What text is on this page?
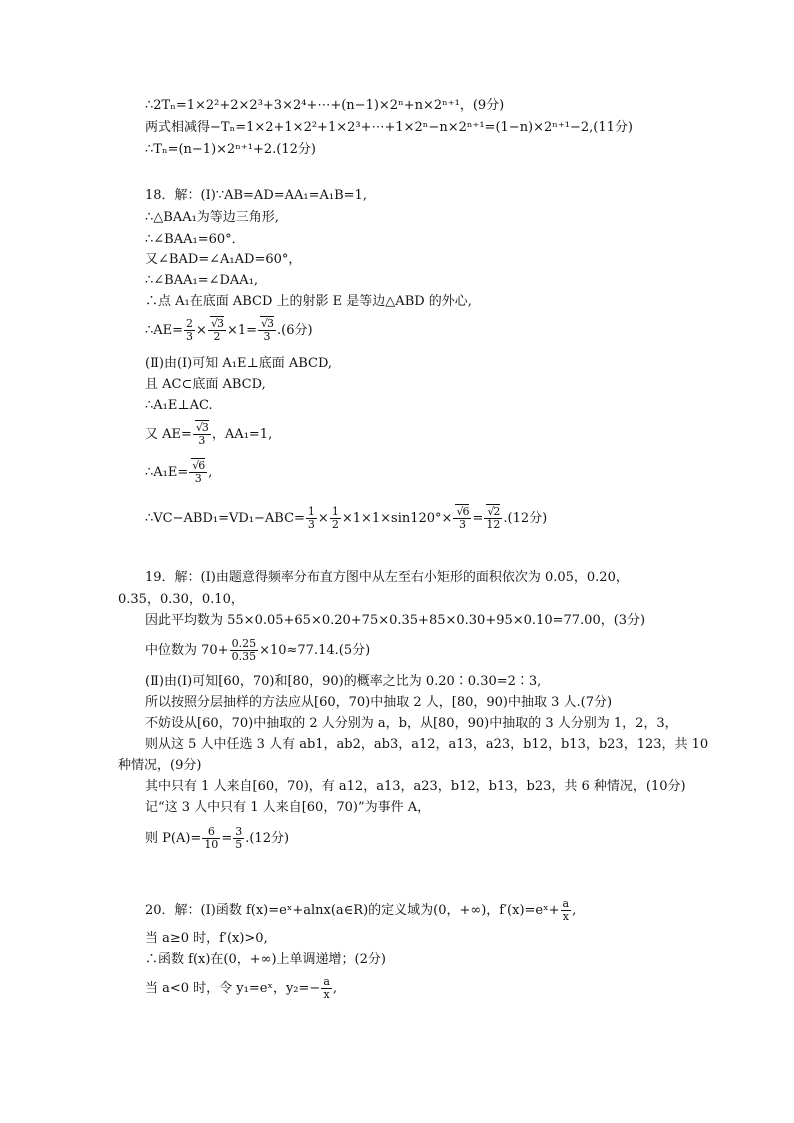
∴2Tₙ=1×2²+2×2³+3×2⁴+⋯+(n−1)×2ⁿ+n×2ⁿ⁺¹，(9分)
两式相减得−Tₙ=1×2+1×2²+1×2³+⋯+1×2ⁿ−n×2ⁿ⁺¹=(1−n)×2ⁿ⁺¹−2,(11分)
∴Tₙ=(n−1)×2ⁿ⁺¹+2.(12分)
18．解：(Ⅰ)∵AB=AD=AA₁=A₁B=1,
∴△BAA₁为等边三角形,
∴∠BAA₁=60°．
又∠BAD=∠A₁AD=60°，
∴∠BAA₁=∠DAA₁,
∴点 A₁在底面 ABCD 上的射影 E 是等边△ABD 的外心,
∴AE= $\frac{2}{3}$ × √ $\frac{3}{2} \times 1=$ √ $\frac{3}{3} .(6$分)
(Ⅱ)由(Ⅰ)可知 A₁E⊥底面 ABCD,
且 AC⊂底面 ABCD,
∴A₁E⊥AC.
又 AE= √ $\frac{3}{3}$ ，AA₁=1,
∴A₁E= √ $\frac{6}{3}$ ,
∴VC−ABD₁=VD₁−ABC= $\frac{1}{3} \times \frac{1}{2} \times 1\times 1\times\sin 120^\circ\times$ √ $\frac{6}{3}$ = √ $\frac{2}{12} .(12$分)
19．解：(Ⅰ)由题意得频率分布直方图中从左至右小矩形的面积依次为 0.05，0.20，
0.35，0.30，0.10，
因此平均数为 55×0.05+65×0.20+75×0.35+85×0.30+95×0.10=77.00，(3分)
中位数为 $70+ \frac{0.25}{0.35} \times 10\approx 77.14.(5$分)
(Ⅱ)由(Ⅰ)可知[60，70)和[80，90)的概率之比为 0.20∶0.30=2∶3,
所以按照分层抽样的方法应从[60，70)中抽取 2 人，[80，90)中抽取 3 人.(7分)
不妨设从[60，70)中抽取的 2 人分别为 a，b，从[80，90)中抽取的 3 人分别为 1，2，3，
则从这 5 人中任选 3 人有 ab1，ab2，ab3，a12，a13，a23，b12，b13，b23，123，共 10
种情况，(9分)
其中只有 1 人来自[60，70)，有 a12，a13，a23，b12，b13，b23，共 6 种情况，(10分)
记“这 3 人中只有 1 人来自[60，70)”为事件 A，
则 $P(A)= \frac{6}{10} = \frac{3}{5} .(12$分)
20．解：(Ⅰ)函数 f(x)=eˣ+alnx(a∈R)的定义域为(0，+∞)，f′(x)=eˣ+ $\frac{a}{x}$ ,
当 a≥0 时，f′(x)>0,
∴函数 f(x)在(0，+∞)上单调递增；(2分)
当 a<0 时，令 y₁=eˣ，$y_2=- \frac{a}{x}$ ,
